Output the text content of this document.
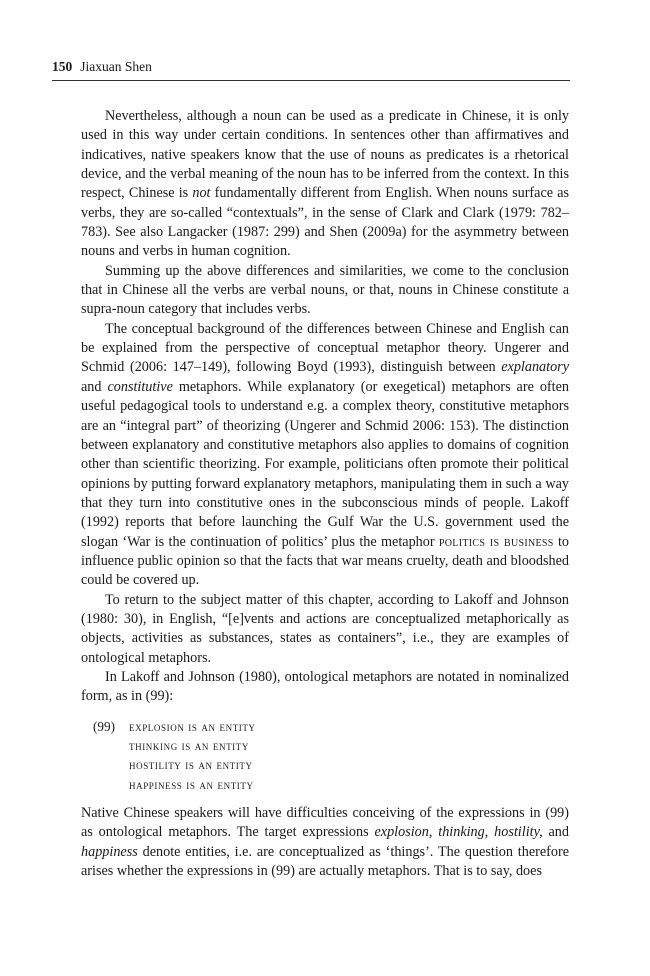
150 Jiaxuan Shen

Nevertheless, although a noun can be used as a predicate in Chinese, it is only used in this way under certain conditions. In sentences other than affirmatives and indicatives, native speakers know that the use of nouns as predicates is a rhetorical device, and the verbal meaning of the noun has to be inferred from the context. In this respect, Chinese is not fundamentally different from English. When nouns surface as verbs, they are so-called “contextuals”, in the sense of Clark and Clark (1979: 782–783). See also Langacker (1987: 299) and Shen (2009a) for the asymmetry between nouns and verbs in human cognition.

Summing up the above differences and similarities, we come to the conclusion that in Chinese all the verbs are verbal nouns, or that, nouns in Chinese constitute a supra-noun category that includes verbs.

The conceptual background of the differences between Chinese and English can be explained from the perspective of conceptual metaphor theory. Ungerer and Schmid (2006: 147–149), following Boyd (1993), distinguish between explanatory and constitutive metaphors. While explanatory (or exegetical) metaphors are often useful pedagogical tools to understand e.g. a complex theory, constitutive metaphors are an “integral part” of theorizing (Ungerer and Schmid 2006: 153). The distinction between explanatory and constitutive metaphors also applies to domains of cognition other than scientific theorizing. For example, politicians often promote their political opinions by putting forward explanatory metaphors, manipulating them in such a way that they turn into constitutive ones in the subconscious minds of people. Lakoff (1992) reports that before launching the Gulf War the U.S. government used the slogan ‘War is the continuation of politics’ plus the metaphor politics is business to influence public opinion so that the facts that war means cruelty, death and bloodshed could be covered up.

To return to the subject matter of this chapter, according to Lakoff and Johnson (1980: 30), in English, “[e]vents and actions are conceptualized metaphorically as objects, activities as substances, states as containers”, i.e., they are examples of ontological metaphors.

In Lakoff and Johnson (1980), ontological metaphors are notated in nominalized form, as in (99):

(99)	explosion is an entity
thinking is an entity
hostility is an entity
happiness is an entity

Native Chinese speakers will have difficulties conceiving of the expressions in (99) as ontological metaphors. The target expressions explosion, thinking, hostility, and happiness denote entities, i.e. are conceptualized as ‘things’. The question therefore arises whether the expressions in (99) are actually metaphors. That is to say, does
